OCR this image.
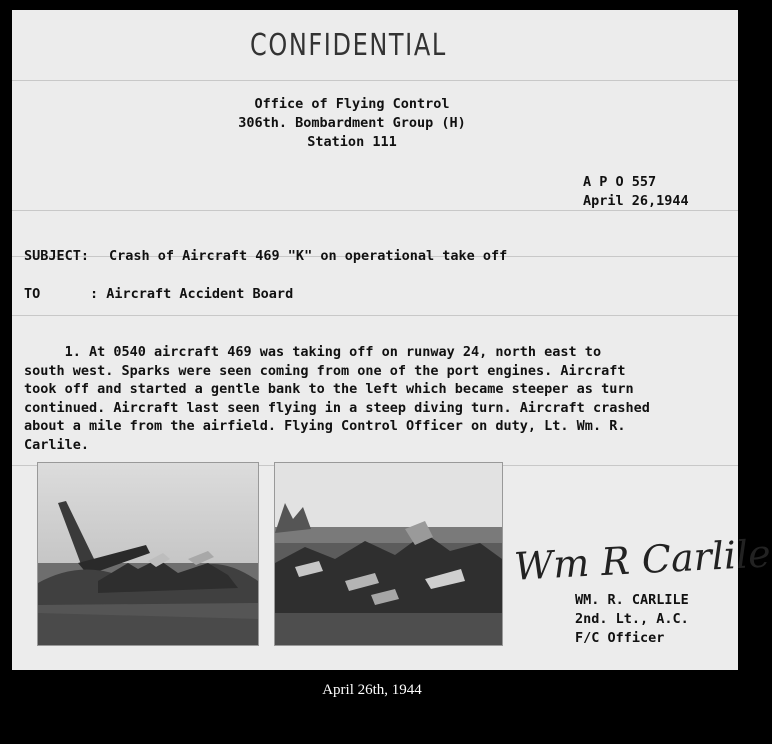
CONFIDENTIAL
Office of Flying Control
306th. Bombardment Group (H)
Station 111
A P O 557
April 26,1944
SUBJECT: Crash of Aircraft 469 "K" on operational take off
TO	: Aircraft Accident Board

1. At 0540 aircraft 469 was taking off on runway 24, north east to

south west. Sparks were seen coming from one of the port engines. Aircraft

took off and started a gentle bank to the left which became steeper as turn

continued. Aircraft last seen flying in a steep diving turn. Aircraft crashed

about a mile from the airfield. Flying Control Officer on duty, Lt. Wm. R.

Carlile.

Wm R Carlile
WM. R. CARLILE
2nd. Lt., A.C.
F/C Officer
April 26th, 1944
